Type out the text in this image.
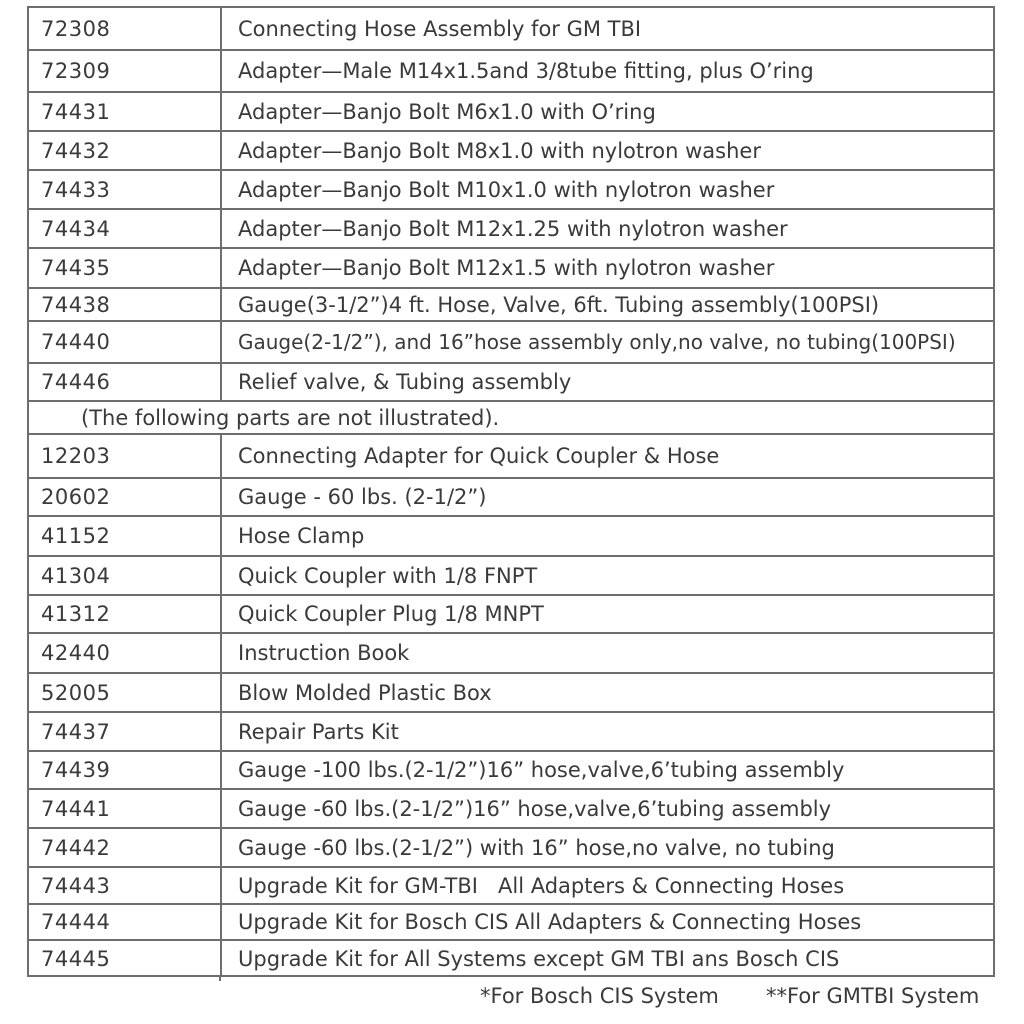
72308	Connecting Hose Assembly for GM TBI
72309	Adapter—Male M14x1.5and 3/8tube fitting, plus O’ring
74431	Adapter—Banjo Bolt M6x1.0 with O’ring
74432	Adapter—Banjo Bolt M8x1.0 with nylotron washer
74433	Adapter—Banjo Bolt M10x1.0 with nylotron washer
74434	Adapter—Banjo Bolt M12x1.25 with nylotron washer
74435	Adapter—Banjo Bolt M12x1.5 with nylotron washer
74438	Gauge(3-1/2”)4 ft. Hose, Valve, 6ft. Tubing assembly(100PSI)
74440	Gauge(2-1/2”), and 16”hose assembly only,no valve, no tubing(100PSI)
74446	Relief valve, & Tubing assembly
(The following parts are not illustrated).
12203	Connecting Adapter for Quick Coupler & Hose
20602	Gauge - 60 lbs. (2-1/2”)
41152	Hose Clamp
41304	Quick Coupler with 1/8 FNPT
41312	Quick Coupler Plug 1/8 MNPT
42440	Instruction Book
52005	Blow Molded Plastic Box
74437	Repair Parts Kit
74439	Gauge -100 lbs.(2-1/2”)16” hose,valve,6’tubing assembly
74441	Gauge -60 lbs.(2-1/2”)16” hose,valve,6’tubing assembly
74442	Gauge -60 lbs.(2-1/2”) with 16” hose,no valve, no tubing
74443	Upgrade Kit for GM-TBI   All Adapters & Connecting Hoses
74444	Upgrade Kit for Bosch CIS All Adapters & Connecting Hoses
74445	Upgrade Kit for All Systems except GM TBI ans Bosch CIS
*For Bosch CIS System **For GMTBI System
